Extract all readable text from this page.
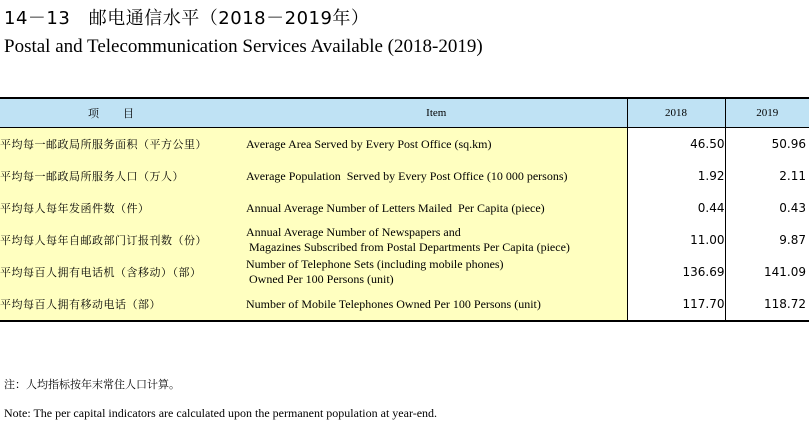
14－13　邮电通信水平（2018－2019年）
Postal and Telecommunication Services Available (2018-2019)
项目	Item	2018	2019
平均每一邮政局所服务面积（平方公里）	Average Area Served by Every Post Office (sq.km)	46.50	50.96
平均每一邮政局所服务人口（万人）	Average Population  Served by Every Post Office (10 000 persons)	1.92	2.11
平均每人每年发函件数（件）	Annual Average Number of Letters Mailed  Per Capita (piece)	0.44	0.43
平均每人每年自邮政部门订报刊数（份）	Annual Average Number of Newspapers and
Magazines Subscribed from Postal Departments Per Capita (piece)	11.00	9.87
平均每百人拥有电话机（含移动）（部）	Number of Telephone Sets (including mobile phones)
Owned Per 100 Persons (unit)	136.69	141.09
平均每百人拥有移动电话（部）	Number of Mobile Telephones Owned Per 100 Persons (unit)	117.70	118.72
注：人均指标按年末常住人口计算。
Note: The per capital indicators are calculated upon the permanent population at year-end.
